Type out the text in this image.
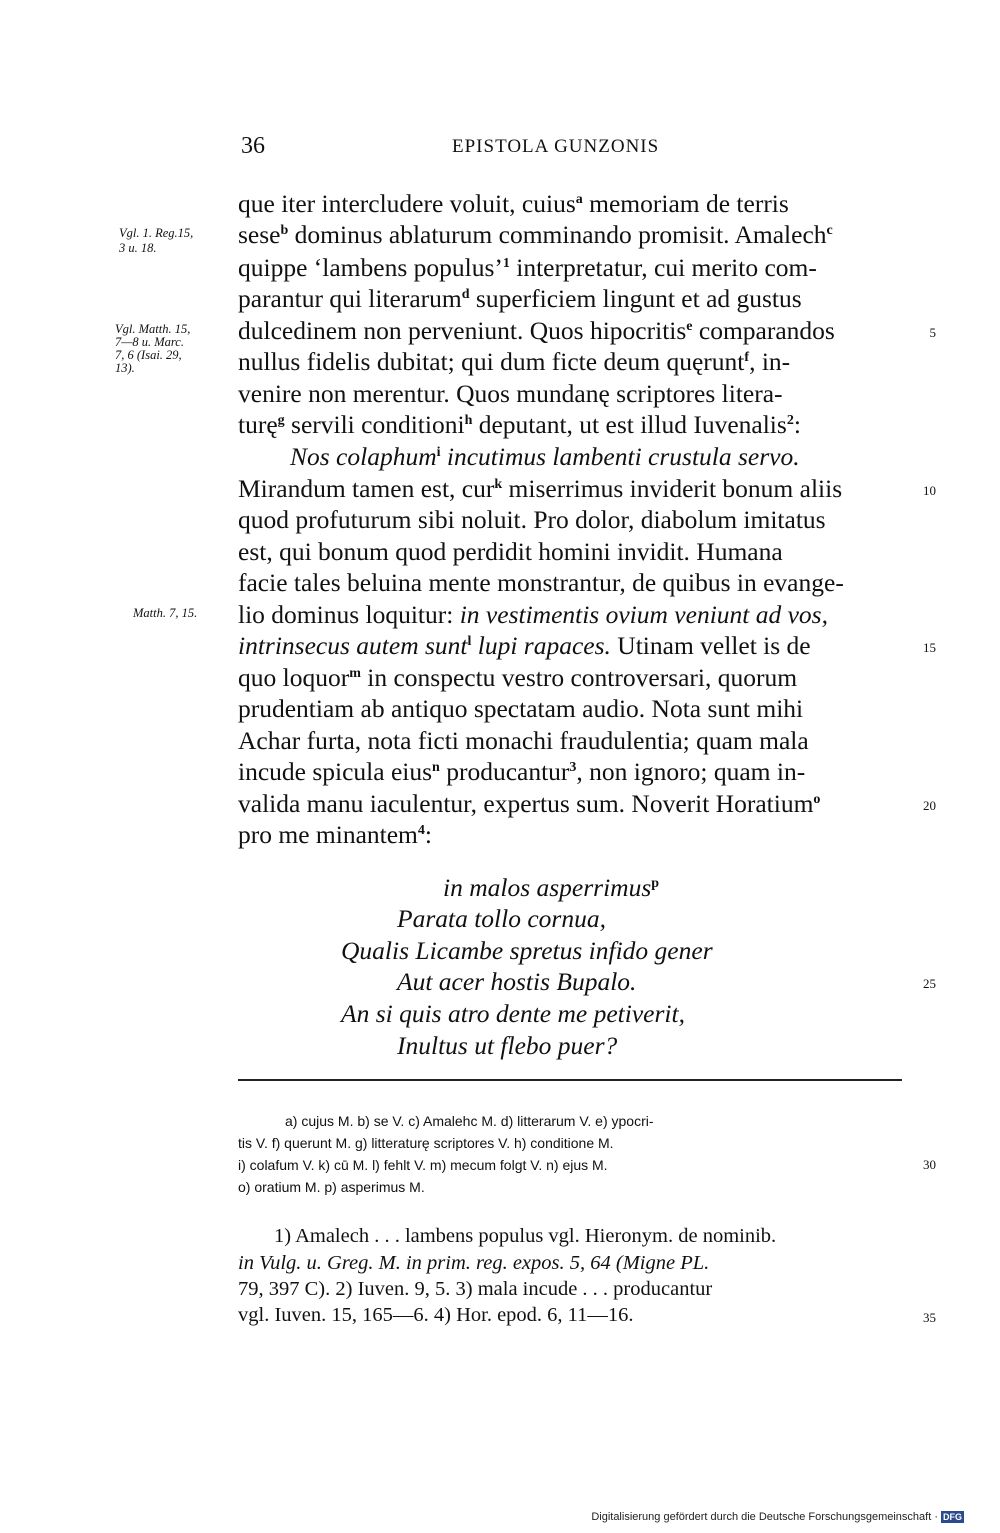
36	EPISTOLA GUNZONIS
Vgl. 1. Reg.15,
3 u. 18.
Vgl. Matth. 15,
7—8 u. Marc.
7, 6 (Isai. 29,
13).
Matth. 7, 15.
que iter intercludere voluit, cuius$^a$ memoriam de terris
sese$^b$ dominus ablaturum comminando promisit. Amalech$^c$
quippe ‘lambens populus’$^1$ interpretatur, cui merito com-
parantur qui literarum$^d$ superficiem lingunt et ad gustus
dulcedinem non perveniunt. Quos hipocritis$^e$ comparandos
nullus fidelis dubitat; qui dum ficte deum quęrunt$^f$, in-
venire non merentur. Quos mundanę scriptores litera-
turę$^g$ servili conditioni$^h$ deputant, ut est illud Iuvenalis$^2$:
Nos colaphum$^i$ incutimus lambenti crustula servo.
Mirandum tamen est, cur$^k$ miserrimus inviderit bonum aliis
quod profuturum sibi noluit. Pro dolor, diabolum imitatus
est, qui bonum quod perdidit homini invidit. Humana
facie tales beluina mente monstrantur, de quibus in evange-
lio dominus loquitur: in vestimentis ovium veniunt ad vos,
intrinsecus autem sunt$^l$ lupi rapaces. Utinam vellet is de
quo loquor$^m$ in conspectu vestro controversari, quorum
prudentiam ab antiquo spectatam audio. Nota sunt mihi
Achar furta, nota ficti monachi fraudulentia; quam mala
incude spicula eius$^n$ producantur$^3$, non ignoro; quam in-
valida manu iaculentur, expertus sum. Noverit Horatium$^o$
pro me minantem$^4$:
in malos asperrimus$^p$
Parata tollo cornua,
Qualis Licambe spretus infido gener
Aut acer hostis Bupalo.
An si quis atro dente me petiverit,
Inultus ut flebo puer?
5
10
15
20
25
30
35
a) cujus M. b) se V. c) Amalehc M. d) litterarum V. e) ypocri-
tis V. f) querunt M. g) litteraturę scriptores V. h) conditione M.
i) colafum V. k) cū M. l) fehlt V. m) mecum folgt V. n) ejus M.
o) oratium M. p) asperimus M.
1) Amalech . . . lambens populus vgl. Hieronym. de nominib.
in Vulg. u. Greg. M. in prim. reg. expos. 5, 64 (Migne PL.
79, 397 C). 2) Iuven. 9, 5. 3) mala incude . . . producantur
vgl. Iuven. 15, 165—6. 4) Hor. epod. 6, 11—16.
Digitalisierung gefördert durch die Deutsche Forschungsgemeinschaft · DFG
